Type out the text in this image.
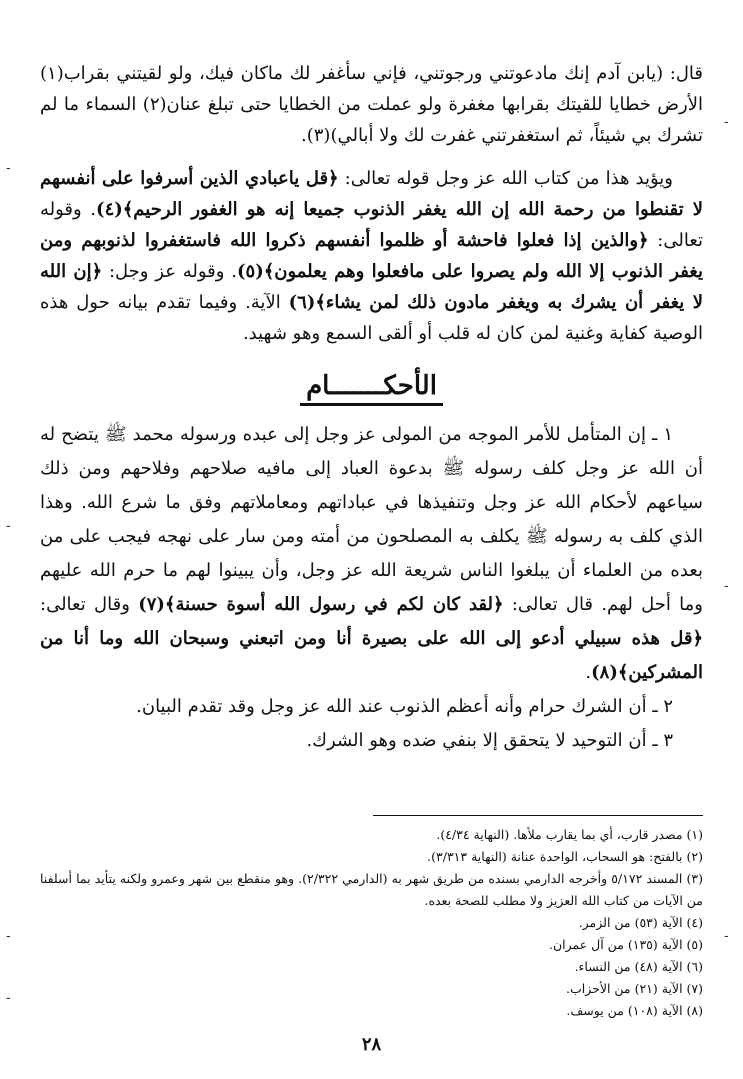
-
-
-
-
-	-
-

قال: (يابن آدم إنك مادعوتني ورجوتني، فإني سأغفر لك ماكان فيك، ولو لقيتني بقراب(١) الأرض خطايا للقيتك بقرابها مغفرة ولو عملت من الخطايا حتى تبلغ عنان(٢) السماء ما لم تشرك بي شيئاً، ثم استغفرتني غفرت لك ولا أبالي)(٣).

ويؤيد هذا من كتاب الله عز وجل قوله تعالى: ﴿قل ياعبادي الذين أسرفوا على أنفسهم لا تقنطوا من رحمة الله إن الله يغفر الذنوب جميعا إنه هو الغفور الرحيم﴾(٤). وقوله تعالى: ﴿والذين إذا فعلوا فاحشة أو ظلموا أنفسهم ذكروا الله فاستغفروا لذنوبهم ومن يغفر الذنوب إلا الله ولم يصروا على مافعلوا وهم يعلمون﴾(٥). وقوله عز وجل: ﴿إن الله لا يغفر أن يشرك به ويغفر مادون ذلك لمن يشاء﴾(٦) الآية. وفيما تقدم بيانه حول هذه الوصية كفاية وغنية لمن كان له قلب أو ألقى السمع وهو شهيد.

الأحكـــــــام

١ ـ إن المتأمل للأمر الموجه من المولى عز وجل إلى عبده ورسوله محمد ﷺ يتضح له أن الله عز وجل كلف رسوله ﷺ بدعوة العباد إلى مافيه صلاحهم وفلاحهم ومن ذلك سياعهم لأحكام الله عز وجل وتنفيذها في عباداتهم ومعاملاتهم وفق ما شرع الله. وهذا الذي كلف به رسوله ﷺ يكلف به المصلحون من أمته ومن سار على نهجه فيجب على من بعده من العلماء أن يبلغوا الناس شريعة الله عز وجل، وأن يبينوا لهم ما حرم الله عليهم وما أحل لهم. قال تعالى: ﴿لقد كان لكم في رسول الله أسوة حسنة﴾(٧) وقال تعالى: ﴿قل هذه سبيلي أدعو إلى الله على بصيرة أنا ومن اتبعني وسبحان الله وما أنا من المشركين﴾(٨).

٢ ـ أن الشرك حرام وأنه أعظم الذنوب عند الله عز وجل وقد تقدم البيان.

٣ ـ أن التوحيد لا يتحقق إلا بنفي ضده وهو الشرك.

(١) مصدر قارب، أي بما يقارب ملأها. (النهاية ٤/٣٤).

(٢) بالفتح: هو السحاب، الواحدة عنانة (النهاية ٣/٣١٣).

(٣) المسند ٥/١٧٢ وأخرجه الدارمي بسنده من طريق شهر به (الدارمي ٢/٣٢٢). وهو منقطع بين شهر وعمرو ولكنه يتأيد بما أسلفنا من الآيات من كتاب الله العزيز ولا مطلب للصحة بعده.

(٤) الآية (٥٣) من الزمر.

(٥) الآية (١٣٥) من آل عمران.

(٦) الآية (٤٨) من النساء.

(٧) الآية (٢١) من الأحزاب.

(٨) الآية (١٠٨) من يوسف.

٢٨
